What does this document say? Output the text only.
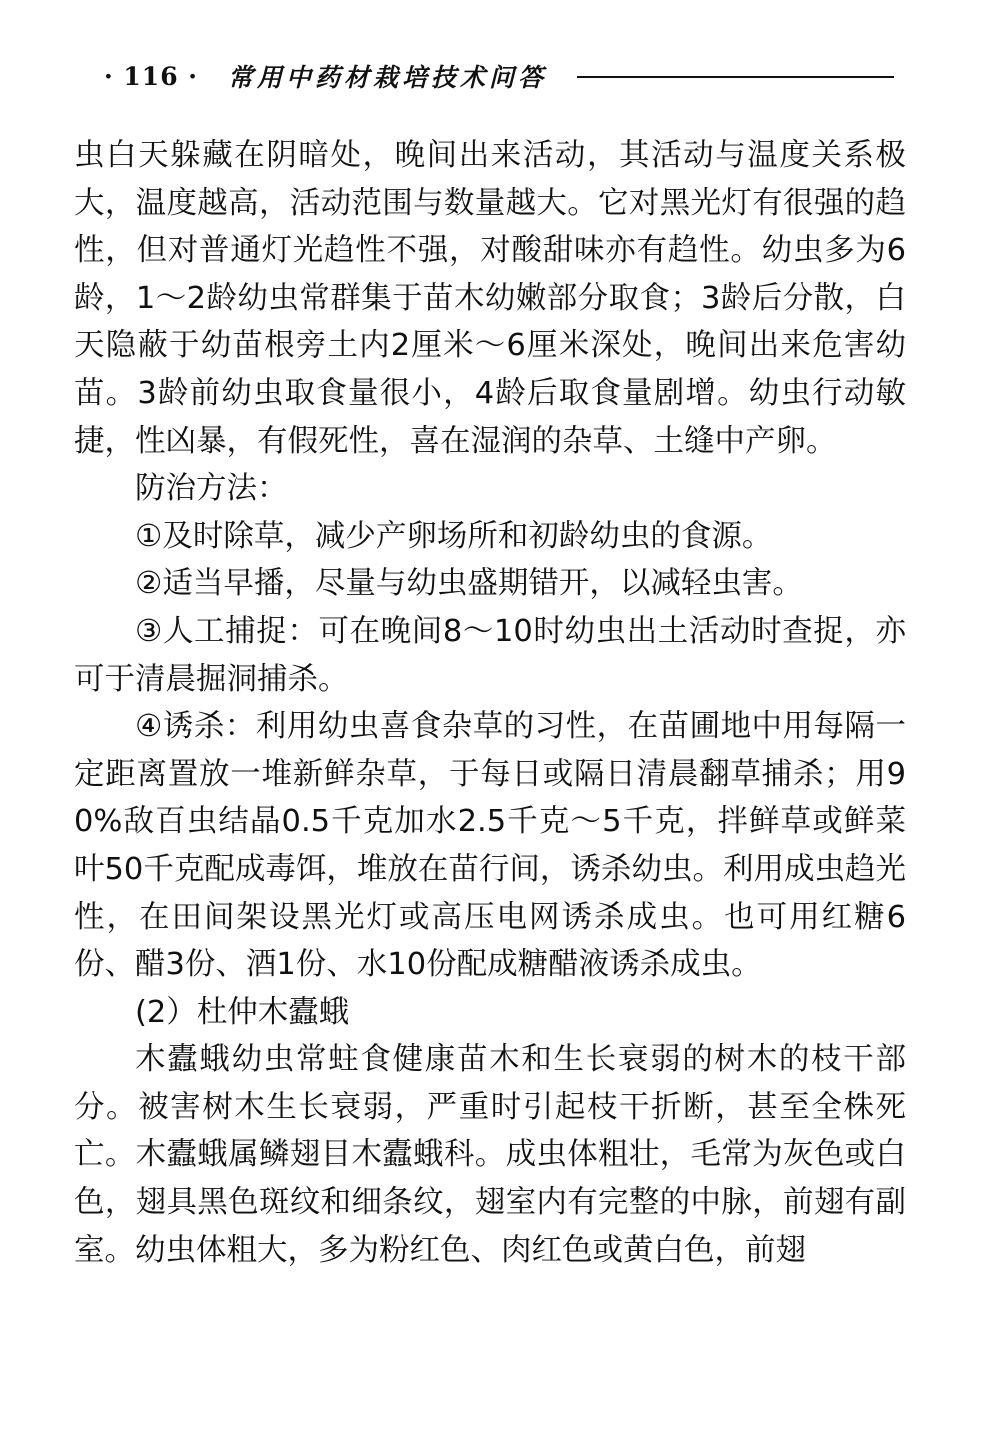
· 116 · 常用中药材栽培技术问答

虫白天躲藏在阴暗处，晚间出来活动，其活动与温度关系极大，温度越高，活动范围与数量越大。它对黑光灯有很强的趋性，但对普通灯光趋性不强，对酸甜味亦有趋性。幼虫多为6龄，1～2龄幼虫常群集于苗木幼嫩部分取食；3龄后分散，白天隐蔽于幼苗根旁土内2厘米～6厘米深处，晚间出来危害幼苗。3龄前幼虫取食量很小，4龄后取食量剧增。幼虫行动敏捷，性凶暴，有假死性，喜在湿润的杂草、土缝中产卵。

防治方法：

①及时除草，减少产卵场所和初龄幼虫的食源。

②适当早播，尽量与幼虫盛期错开，以减轻虫害。

③人工捕捉：可在晚间8～10时幼虫出土活动时查捉，亦可于清晨掘洞捕杀。

④诱杀：利用幼虫喜食杂草的习性，在苗圃地中用每隔一定距离置放一堆新鲜杂草，于每日或隔日清晨翻草捕杀；用90%敌百虫结晶0.5千克加水2.5千克～5千克，拌鲜草或鲜菜叶50千克配成毒饵，堆放在苗行间，诱杀幼虫。利用成虫趋光性，在田间架设黑光灯或高压电网诱杀成虫。也可用红糖6份、醋3份、酒1份、水10份配成糖醋液诱杀成虫。

(2）杜仲木蠹蛾

木蠹蛾幼虫常蛀食健康苗木和生长衰弱的树木的枝干部分。被害树木生长衰弱，严重时引起枝干折断，甚至全株死亡。木蠹蛾属鳞翅目木蠹蛾科。成虫体粗壮，毛常为灰色或白色，翅具黑色斑纹和细条纹，翅室内有完整的中脉，前翅有副室。幼虫体粗大，多为粉红色、肉红色或黄白色，前翅
